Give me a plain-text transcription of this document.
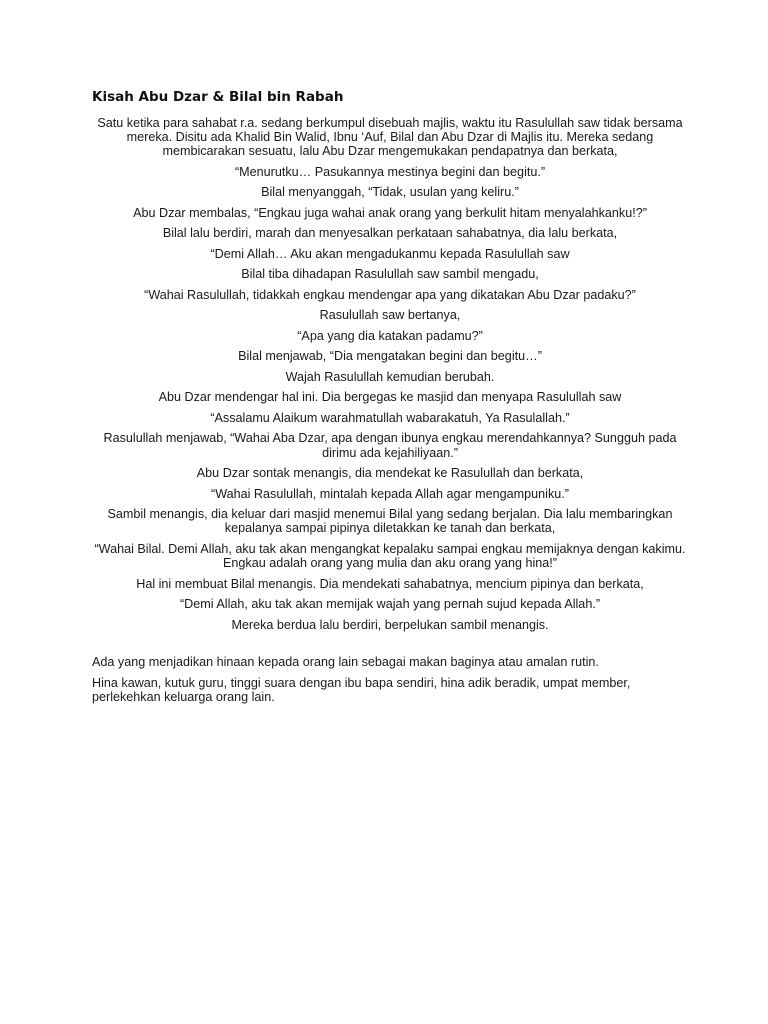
Kisah Abu Dzar & Bilal bin Rabah

Satu ketika para sahabat r.a. sedang berkumpul disebuah majlis, waktu itu Rasulullah saw tidak bersama mereka. Disitu ada Khalid Bin Walid, Ibnu ‘Auf, Bilal dan Abu Dzar di Majlis itu. Mereka sedang membicarakan sesuatu, lalu Abu Dzar mengemukakan pendapatnya dan berkata,

“Menurutku… Pasukannya mestinya begini dan begitu.”

Bilal menyanggah, “Tidak, usulan yang keliru.”

Abu Dzar membalas, “Engkau juga wahai anak orang yang berkulit hitam menyalahkanku!?”

Bilal lalu berdiri, marah dan menyesalkan perkataan sahabatnya, dia lalu berkata,

“Demi Allah… Aku akan mengadukanmu kepada Rasulullah saw

Bilal tiba dihadapan Rasulullah saw sambil mengadu,

“Wahai Rasulullah, tidakkah engkau mendengar apa yang dikatakan Abu Dzar padaku?”

Rasulullah saw bertanya,

“Apa yang dia katakan padamu?”

Bilal menjawab, “Dia mengatakan begini dan begitu…”

Wajah Rasulullah kemudian berubah.

Abu Dzar mendengar hal ini. Dia bergegas ke masjid dan menyapa Rasulullah saw

“Assalamu Alaikum warahmatullah wabarakatuh, Ya Rasulallah.”

Rasulullah menjawab, “Wahai Aba Dzar, apa dengan ibunya engkau merendahkannya? Sungguh pada dirimu ada kejahiliyaan.”

Abu Dzar sontak menangis, dia mendekat ke Rasulullah dan berkata,

“Wahai Rasulullah, mintalah kepada Allah agar mengampuniku.”

Sambil menangis, dia keluar dari masjid menemui Bilal yang sedang berjalan. Dia lalu membaringkan kepalanya sampai pipinya diletakkan ke tanah dan berkata,

“Wahai Bilal. Demi Allah, aku tak akan mengangkat kepalaku sampai engkau memijaknya dengan kakimu. Engkau adalah orang yang mulia dan aku orang yang hina!”

Hal ini membuat Bilal menangis. Dia mendekati sahabatnya, mencium pipinya dan berkata,

“Demi Allah, aku tak akan memijak wajah yang pernah sujud kepada Allah.”

Mereka berdua lalu berdiri, berpelukan sambil menangis.

Ada yang menjadikan hinaan kepada orang lain sebagai makan baginya atau amalan rutin.

Hina kawan, kutuk guru, tinggi suara dengan ibu bapa sendiri, hina adik beradik, umpat member, perlekehkan keluarga orang lain.
